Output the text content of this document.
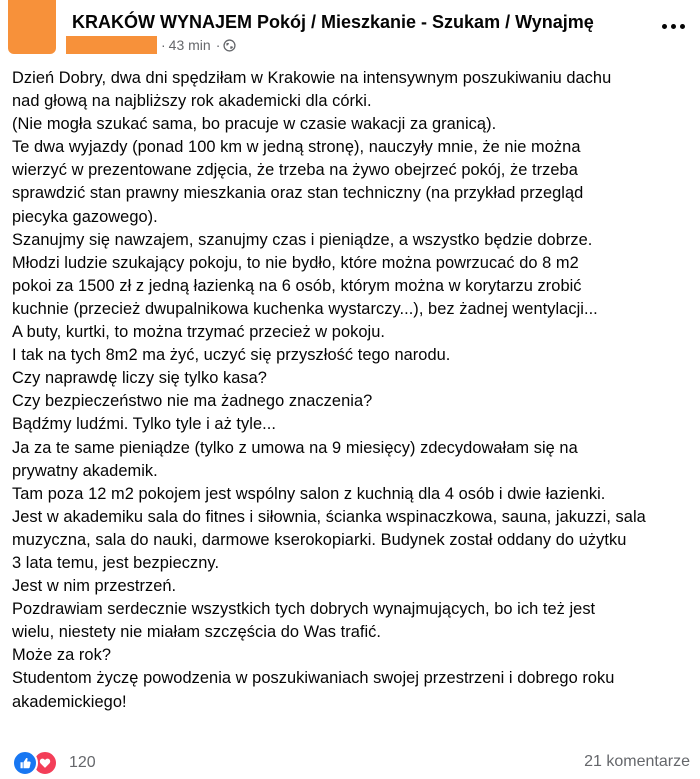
KRAKÓW WYNAJEM Pokój / Mieszkanie - Szukam / Wynajmę
· 43 min ·
Dzień Dobry, dwa dni spędziłam w Krakowie na intensywnym poszukiwaniu dachu
nad głową na najbliższy rok akademicki dla córki.
(Nie mogła szukać sama, bo pracuje w czasie wakacji za granicą).
Te dwa wyjazdy (ponad 100 km w jedną stronę), nauczyły mnie, że nie można
wierzyć w prezentowane zdjęcia, że trzeba na żywo obejrzeć pokój, że trzeba
sprawdzić stan prawny mieszkania oraz stan techniczny (na przykład przegląd
piecyka gazowego).
Szanujmy się nawzajem, szanujmy czas i pieniądze, a wszystko będzie dobrze.
Młodzi ludzie szukający pokoju, to nie bydło, które można powrzucać do 8 m2
pokoi za 1500 zł z jedną łazienką na 6 osób, którym można w korytarzu zrobić
kuchnie (przecież dwupalnikowa kuchenka wystarczy...), bez żadnej wentylacji...
A buty, kurtki, to można trzymać przecież w pokoju.
I tak na tych 8m2 ma żyć, uczyć się przyszłość tego narodu.
Czy naprawdę liczy się tylko kasa?
Czy bezpieczeństwo nie ma żadnego znaczenia?
Bądźmy ludźmi. Tylko tyle i aż tyle...
Ja za te same pieniądze (tylko z umowa na 9 miesięcy) zdecydowałam się na
prywatny akademik.
Tam poza 12 m2 pokojem jest wspólny salon z kuchnią dla 4 osób i dwie łazienki.
Jest w akademiku sala do fitnes i siłownia, ścianka wspinaczkowa, sauna, jakuzzi, sala
muzyczna, sala do nauki, darmowe kserokopiarki. Budynek został oddany do użytku
3 lata temu, jest bezpieczny.
Jest w nim przestrzeń.
Pozdrawiam serdecznie wszystkich tych dobrych wynajmujących, bo ich też jest
wielu, niestety nie miałam szczęścia do Was trafić.
Może za rok?
Studentom życzę powodzenia w poszukiwaniach swojej przestrzeni i dobrego roku
akademickiego!
120	21 komentarze
